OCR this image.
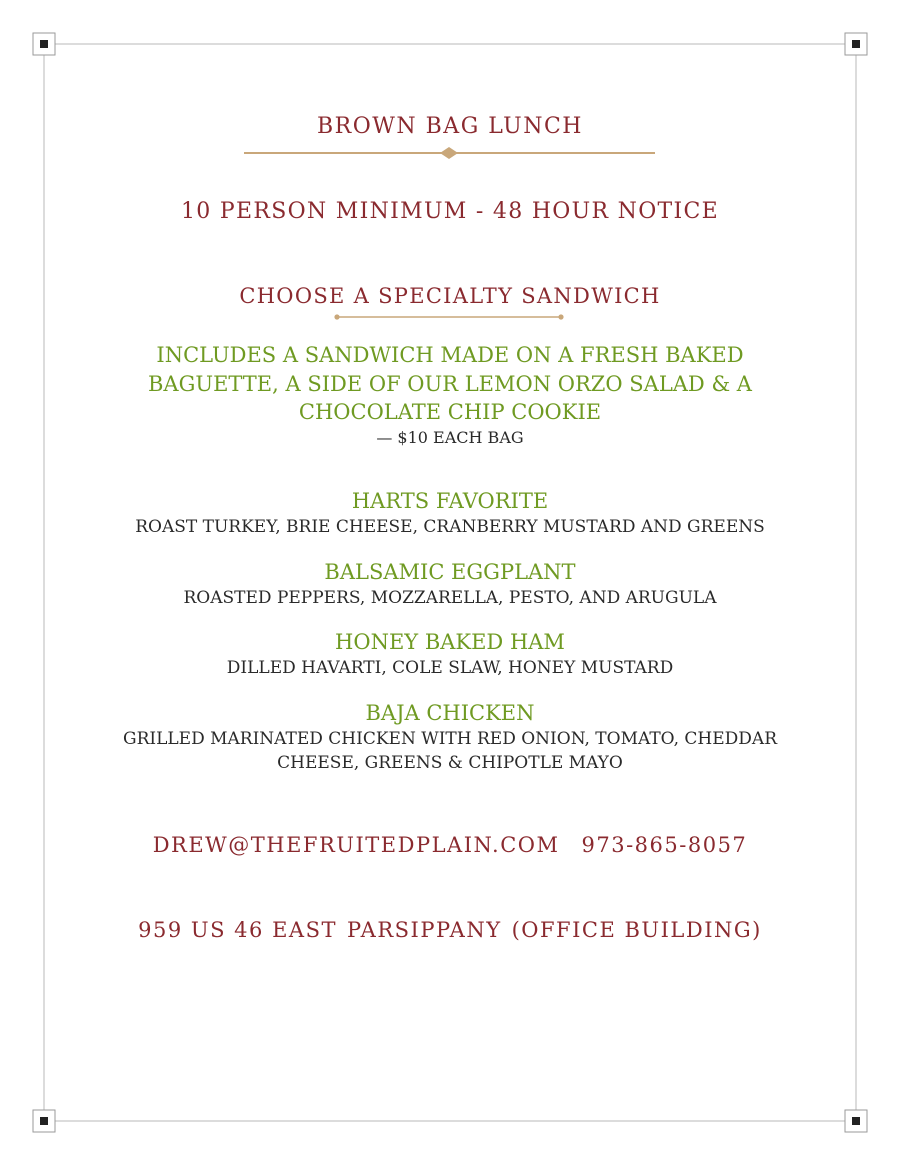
BROWN BAG LUNCH

10 PERSON MINIMUM - 48 HOUR NOTICE

CHOOSE A SPECIALTY SANDWICH

INCLUDES A SANDWICH MADE ON A FRESH BAKED BAGUETTE, A SIDE OF OUR LEMON ORZO SALAD & A CHOCOLATE CHIP COOKIE

— $10 EACH BAG

HARTS FAVORITE
ROAST TURKEY, BRIE CHEESE, CRANBERRY MUSTARD AND GREENS
BALSAMIC EGGPLANT
ROASTED PEPPERS, MOZZARELLA, PESTO, AND ARUGULA
HONEY BAKED HAM
DILLED HAVARTI, COLE SLAW, HONEY MUSTARD
BAJA CHICKEN
GRILLED MARINATED CHICKEN WITH RED ONION, TOMATO, CHEDDAR CHEESE, GREENS & CHIPOTLE MAYO

DREW@THEFRUITEDPLAIN.COM 973-865-8057

959 US 46 EAST PARSIPPANY (OFFICE BUILDING)
